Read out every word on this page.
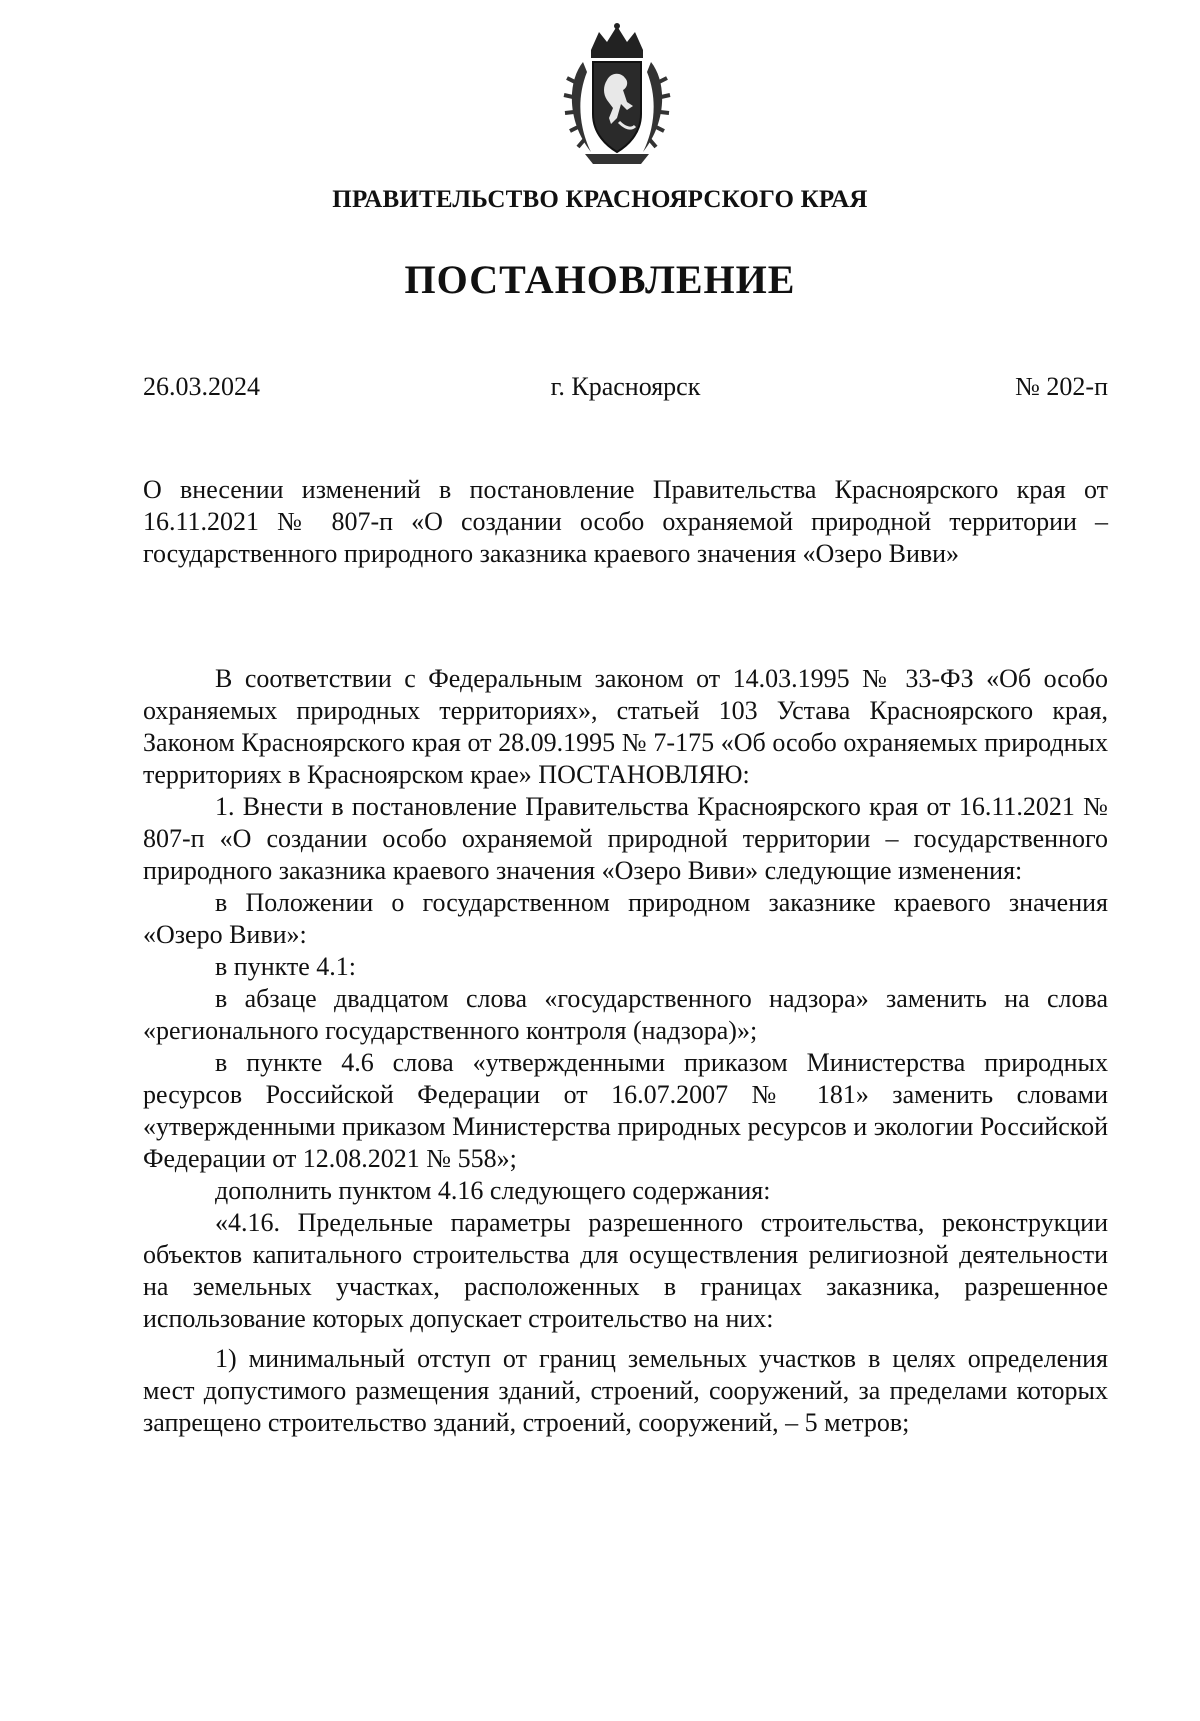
ПРАВИТЕЛЬСТВО КРАСНОЯРСКОГО КРАЯ
ПОСТАНОВЛЕНИЕ
26.03.2024	г. Красноярск	№ 202-п
О внесении изменений в постановление Правительства Красноярского края от 16.11.2021 № 807-п «О создании особо охраняемой природной территории – государственного природного заказника краевого значения «Озеро Виви»

В соответствии с Федеральным законом от 14.03.1995 № 33-ФЗ «Об особо охраняемых природных территориях», статьей 103 Устава Красноярского края, Законом Красноярского края от 28.09.1995 № 7-175 «Об особо охраняемых природных территориях в Красноярском крае» ПОСТАНОВЛЯЮ:

1. Внести в постановление Правительства Красноярского края от 16.11.2021 № 807-п «О создании особо охраняемой природной территории – государственного природного заказника краевого значения «Озеро Виви» следующие изменения:

в Положении о государственном природном заказнике краевого значения «Озеро Виви»:

в пункте 4.1:

в абзаце двадцатом слова «государственного надзора» заменить на слова «регионального государственного контроля (надзора)»;

в пункте 4.6 слова «утвержденными приказом Министерства природных ресурсов Российской Федерации от 16.07.2007 № 181» заменить словами «утвержденными приказом Министерства природных ресурсов и экологии Российской Федерации от 12.08.2021 № 558»;

дополнить пунктом 4.16 следующего содержания:

«4.16. Предельные параметры разрешенного строительства, реконструкции объектов капитального строительства для осуществления религиозной деятельности на земельных участках, расположенных в границах заказника, разрешенное использование которых допускает строительство на них:

1) минимальный отступ от границ земельных участков в целях определения мест допустимого размещения зданий, строений, сооружений, за пределами которых запрещено строительство зданий, строений, сооружений, – 5 метров;
